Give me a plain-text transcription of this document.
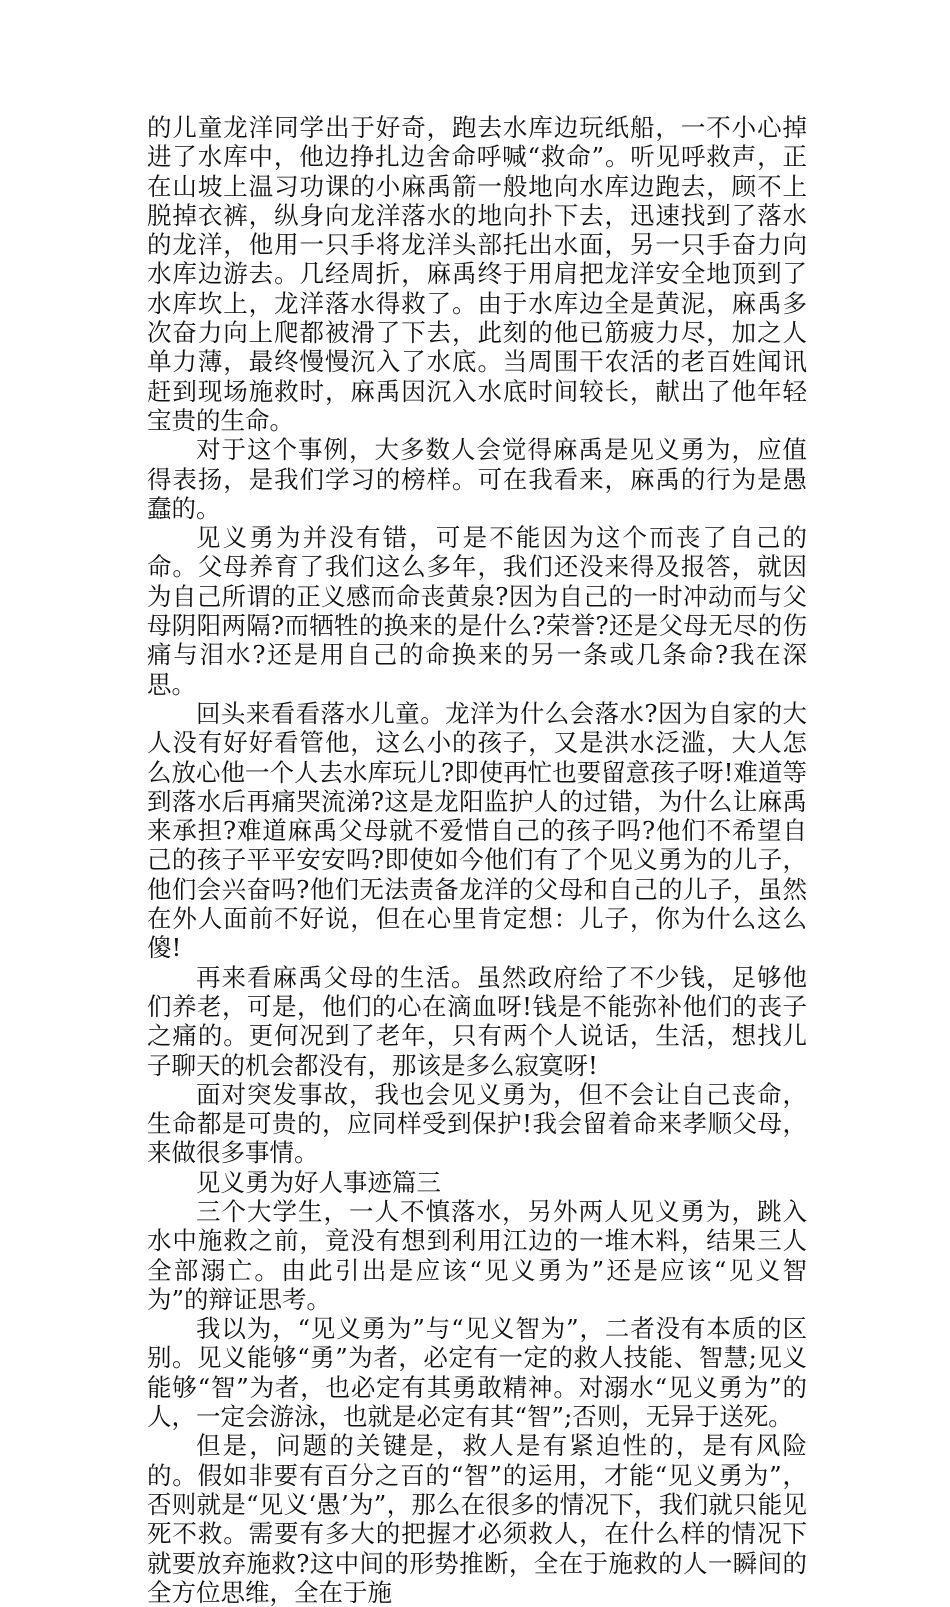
的儿童龙洋同学出于好奇，跑去水库边玩纸船，一不小心掉进了水库中，他边挣扎边舍命呼喊“救命”。听见呼救声，正在山坡上温习功课的小麻禹箭一般地向水库边跑去，顾不上脱掉衣裤，纵身向龙洋落水的地向扑下去，迅速找到了落水的龙洋，他用一只手将龙洋头部托出水面，另一只手奋力向水库边游去。几经周折，麻禹终于用肩把龙洋安全地顶到了水库坎上，龙洋落水得救了。由于水库边全是黄泥，麻禹多次奋力向上爬都被滑了下去，此刻的他已筋疲力尽，加之人单力薄，最终慢慢沉入了水底。当周围干农活的老百姓闻讯赶到现场施救时，麻禹因沉入水底时间较长，献出了他年轻宝贵的生命。

对于这个事例，大多数人会觉得麻禹是见义勇为，应值得表扬，是我们学习的榜样。可在我看来，麻禹的行为是愚蠢的。

见义勇为并没有错，可是不能因为这个而丧了自己的命。父母养育了我们这么多年，我们还没来得及报答，就因为自己所谓的正义感而命丧黄泉?因为自己的一时冲动而与父母阴阳两隔?而牺牲的换来的是什么?荣誉?还是父母无尽的伤痛与泪水?还是用自己的命换来的另一条或几条命?我在深思。

回头来看看落水儿童。龙洋为什么会落水?因为自家的大人没有好好看管他，这么小的孩子，又是洪水泛滥，大人怎么放心他一个人去水库玩儿?即使再忙也要留意孩子呀!难道等到落水后再痛哭流涕?这是龙阳监护人的过错，为什么让麻禹来承担?难道麻禹父母就不爱惜自己的孩子吗?他们不希望自己的孩子平平安安吗?即使如今他们有了个见义勇为的儿子，他们会兴奋吗?他们无法责备龙洋的父母和自己的儿子，虽然在外人面前不好说，但在心里肯定想：儿子，你为什么这么傻!

再来看麻禹父母的生活。虽然政府给了不少钱，足够他们养老，可是，他们的心在滴血呀!钱是不能弥补他们的丧子之痛的。更何况到了老年，只有两个人说话，生活，想找儿子聊天的机会都没有，那该是多么寂寞呀!

面对突发事故，我也会见义勇为，但不会让自己丧命，生命都是可贵的，应同样受到保护!我会留着命来孝顺父母，来做很多事情。

见义勇为好人事迹篇三

三个大学生，一人不慎落水，另外两人见义勇为，跳入水中施救之前，竟没有想到利用江边的一堆木料，结果三人全部溺亡。由此引出是应该“见义勇为”还是应该“见义智为”的辩证思考。

我以为，“见义勇为”与“见义智为”，二者没有本质的区别。见义能够“勇”为者，必定有一定的救人技能、智慧;见义能够“智”为者，也必定有其勇敢精神。对溺水“见义勇为”的人，一定会游泳，也就是必定有其“智”;否则，无异于送死。

但是，问题的关键是，救人是有紧迫性的，是有风险的。假如非要有百分之百的“智”的运用，才能“见义勇为”，否则就是“见义‘愚’为”，那么在很多的情况下，我们就只能见死不救。需要有多大的把握才必须救人，在什么样的情况下就要放弃施救?这中间的形势推断，全在于施救的人一瞬间的全方位思维，全在于施
